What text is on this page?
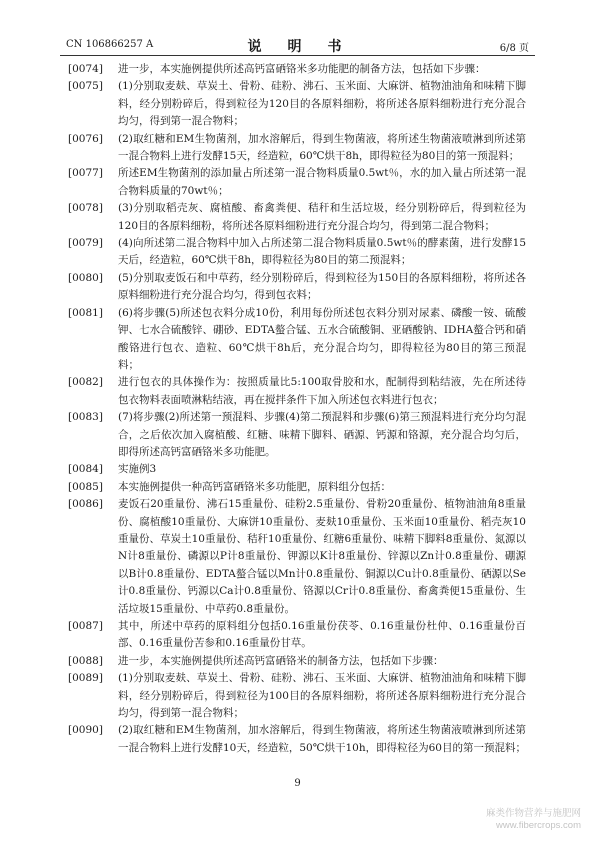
CN 106866257 A	说　明　书	6/8 页
[0074] 进一步，本实施例提供所述高钙富硒铬米多功能肥的制备方法，包括如下步骤：
[0075] (1)分别取麦麸、草炭土、骨粉、硅粉、沸石、玉米面、大麻饼、植物油油角和味精下脚料，经分别粉碎后，得到粒径为120目的各原料细粉，将所述各原料细粉进行充分混合均匀，得到第一混合物料；
[0076] (2)取红糖和EM生物菌剂，加水溶解后，得到生物菌液，将所述生物菌液喷淋到所述第一混合物料上进行发酵15天，经造粒，60℃烘干8h，即得粒径为80目的第一预混料；
[0077] 所述EM生物菌剂的添加量占所述第一混合物料质量0.5wt％，水的加入量占所述第一混合物料质量的70wt％；
[0078] (3)分别取稻壳灰、腐植酸、畜禽粪便、秸秆和生活垃圾，经分别粉碎后，得到粒径为120目的各原料细粉，将所述各原料细粉进行充分混合均匀，得到第二混合物料；
[0079] (4)向所述第二混合物料中加入占所述第二混合物料质量0.5wt％的酵素菌，进行发酵15天后，经造粒，60℃烘干8h，即得粒径为80目的第二预混料；
[0080] (5)分别取麦饭石和中草药，经分别粉碎后，得到粒径为150目的各原料细粉，将所述各原料细粉进行充分混合均匀，得到包衣料；
[0081] (6)将步骤(5)所述包衣料分成10份，利用每份所述包衣料分别对尿素、磷酸一铵、硫酸钾、七水合硫酸锌、硼砂、EDTA螯合锰、五水合硫酸铜、亚硒酸钠、IDHA螯合钙和硝酸铬进行包衣、造粒、60℃烘干8h后，充分混合均匀，即得粒径为80目的第三预混料；
[0082] 进行包衣的具体操作为：按照质量比5:100取骨胶和水，配制得到粘结液，先在所述待包衣物料表面喷淋粘结液，再在搅拌条件下加入所述包衣料进行包衣；
[0083] (7)将步骤(2)所述第一预混料、步骤(4)第二预混料和步骤(6)第三预混料进行充分均匀混合，之后依次加入腐植酸、红糖、味精下脚料、硒源、钙源和铬源，充分混合均匀后，即得所述高钙富硒铬米多功能肥。
[0084] 实施例3
[0085] 本实施例提供一种高钙富硒铬米多功能肥，原料组分包括：
[0086] 麦饭石20重量份、沸石15重量份、硅粉2.5重量份、骨粉20重量份、植物油油角8重量份、腐植酸10重量份、大麻饼10重量份、麦麸10重量份、玉米面10重量份、稻壳灰10重量份、草炭土10重量份、秸秆10重量份、红糖6重量份、味精下脚料8重量份、氮源以N计8重量份、磷源以P计8重量份、钾源以K计8重量份、锌源以Zn计0.8重量份、硼源以B计0.8重量份、EDTA螯合锰以Mn计0.8重量份、铜源以Cu计0.8重量份、硒源以Se计0.8重量份、钙源以Ca计0.8重量份、铬源以Cr计0.8重量份、畜禽粪便15重量份、生活垃圾15重量份、中草药0.8重量份。
[0087] 其中，所述中草药的原料组分包括0.16重量份茯苓、0.16重量份杜仲、0.16重量份百部、0.16重量份苦参和0.16重量份甘草。
[0088] 进一步，本实施例提供所述高钙富硒铬米的制备方法，包括如下步骤：
[0089] (1)分别取麦麸、草炭土、骨粉、硅粉、沸石、玉米面、大麻饼、植物油油角和味精下脚料，经分别粉碎后，得到粒径为100目的各原料细粉，将所述各原料细粉进行充分混合均匀，得到第一混合物料；
[0090] (2)取红糖和EM生物菌剂，加水溶解后，得到生物菌液，将所述生物菌液喷淋到所述第一混合物料上进行发酵10天，经造粒，50℃烘干10h，即得粒径为60目的第一预混料；
9
麻类作物营养与施肥网
www.fibercrops.com
